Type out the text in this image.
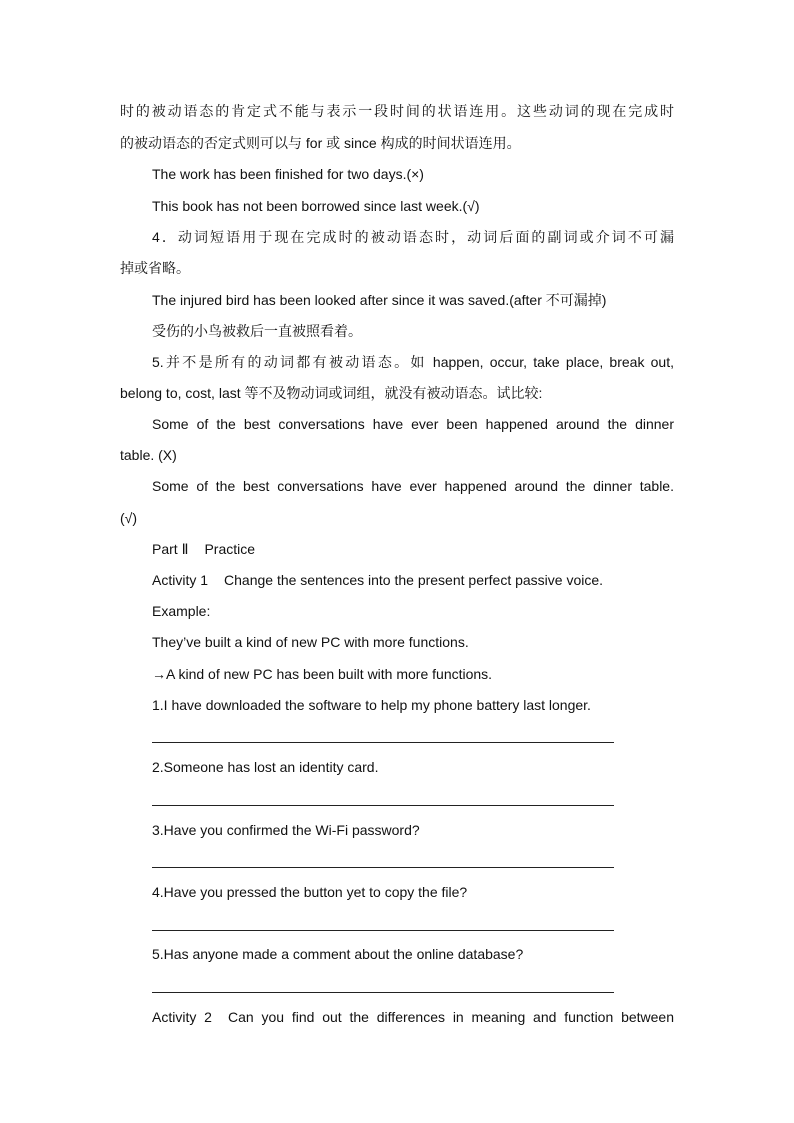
时的被动语态的肯定式不能与表示一段时间的状语连用。这些动词的现在完成时
的被动语态的否定式则可以与 for 或 since 构成的时间状语连用。
The work has been finished for two days.(×)
This book has not been borrowed since last week.(√)
4．动词短语用于现在完成时的被动语态时，动词后面的副词或介词不可漏
掉或省略。
The injured bird has been looked after since it was saved.(after 不可漏掉)
受伤的小鸟被救后一直被照看着。
5.并不是所有的动词都有被动语态。如 happen, occur, take place, break out,
belong to, cost, last 等不及物动词或词组，就没有被动语态。试比较:
Some of the best conversations have ever been happened around the dinner
table. (X)
Some of the best conversations have ever happened around the dinner table.
(√)
Part Ⅱ Practice
Activity 1 Change the sentences into the present perfect passive voice.
Example:
They’ve built a kind of new PC with more functions.
→A kind of new PC has been built with more functions.
1.I have downloaded the software to help my phone battery last longer.
2.Someone has lost an identity card.
3.Have you confirmed the Wi-Fi password?
4.Have you pressed the button yet to copy the file?
5.Has anyone made a comment about the online database?
Activity 2 Can you find out the differences in meaning and function between
